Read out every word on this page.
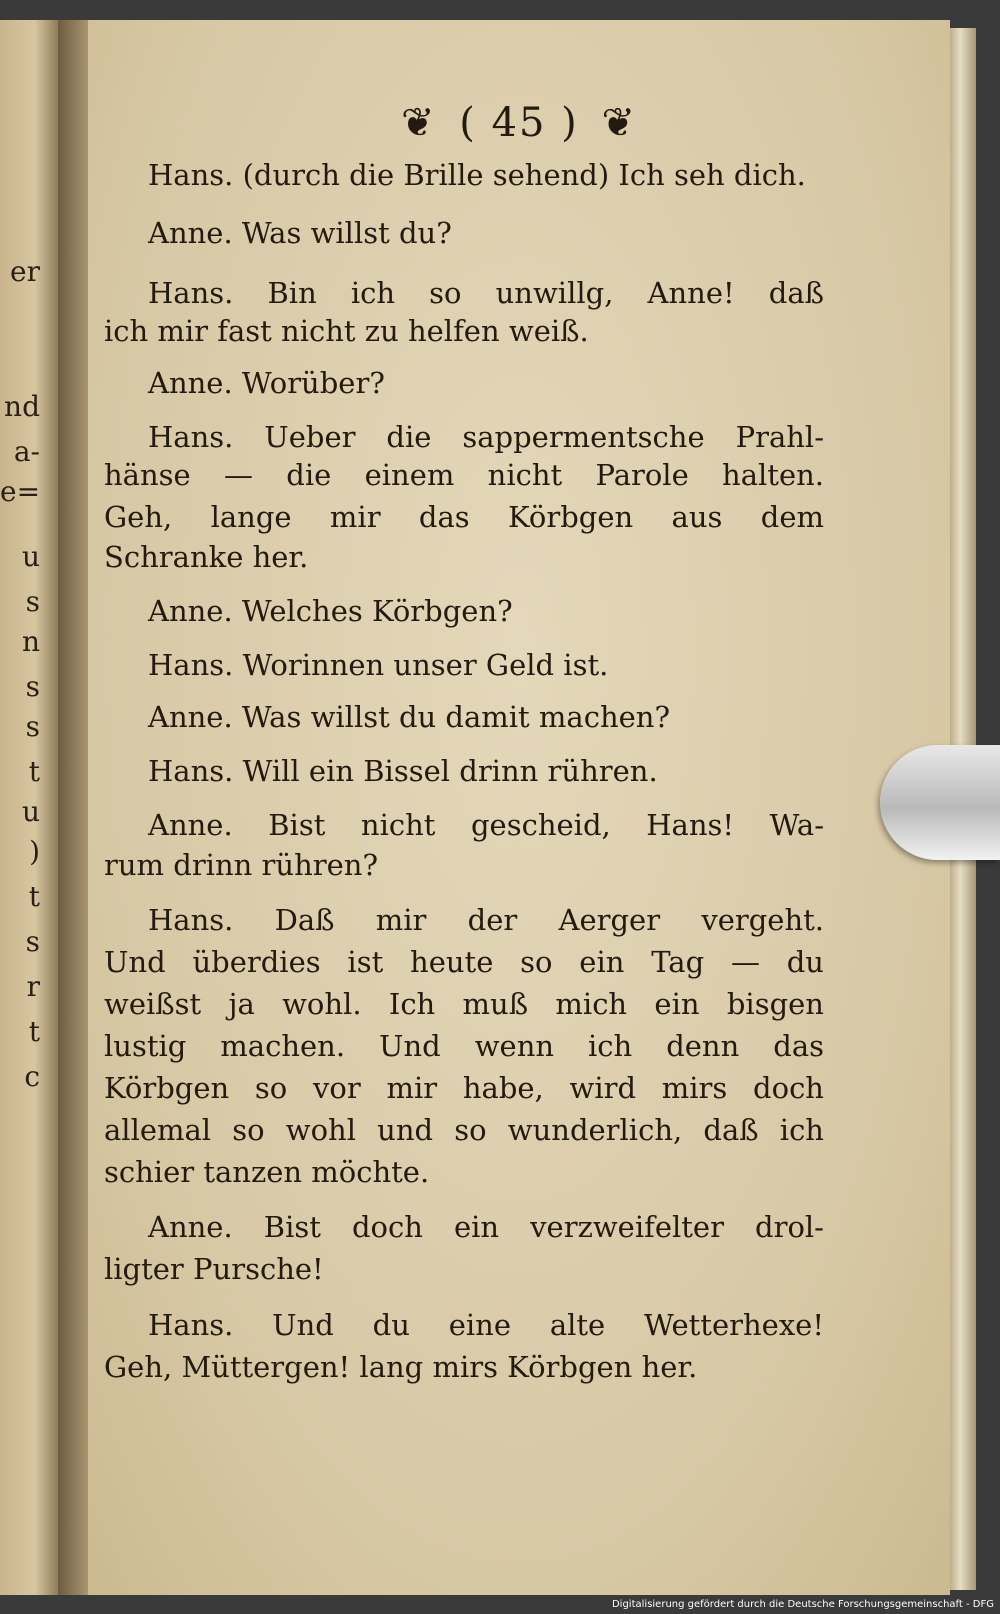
er
nd
a-
e=
u
s
n
s
s
t
u
)
t
s
r
t
c
❦ ( 45 ) ❦
Hans. (durch die Brille sehend) Ich seh dich.
Anne. Was willst du?
Hans. Bin ich so unwillg, Anne! daß
ich mir fast nicht zu helfen weiß.
Anne. Worüber?
Hans. Ueber die sappermentsche Prahl-
hänse — die einem nicht Parole halten.
Geh, lange mir das Körbgen aus dem
Schranke her.
Anne. Welches Körbgen?
Hans. Worinnen unser Geld ist.
Anne. Was willst du damit machen?
Hans. Will ein Bissel drinn rühren.
Anne. Bist nicht gescheid, Hans! Wa-
rum drinn rühren?
Hans. Daß mir der Aerger vergeht.
Und überdies ist heute so ein Tag — du
weißst ja wohl. Ich muß mich ein bisgen
lustig machen. Und wenn ich denn das
Körbgen so vor mir habe, wird mirs doch
allemal so wohl und so wunderlich, daß ich
schier tanzen möchte.
Anne. Bist doch ein verzweifelter drol-
ligter Pursche!
Hans. Und du eine alte Wetterhexe!
Geh, Müttergen! lang mirs Körbgen her.
Digitalisierung gefördert durch die Deutsche Forschungsgemeinschaft - DFG
